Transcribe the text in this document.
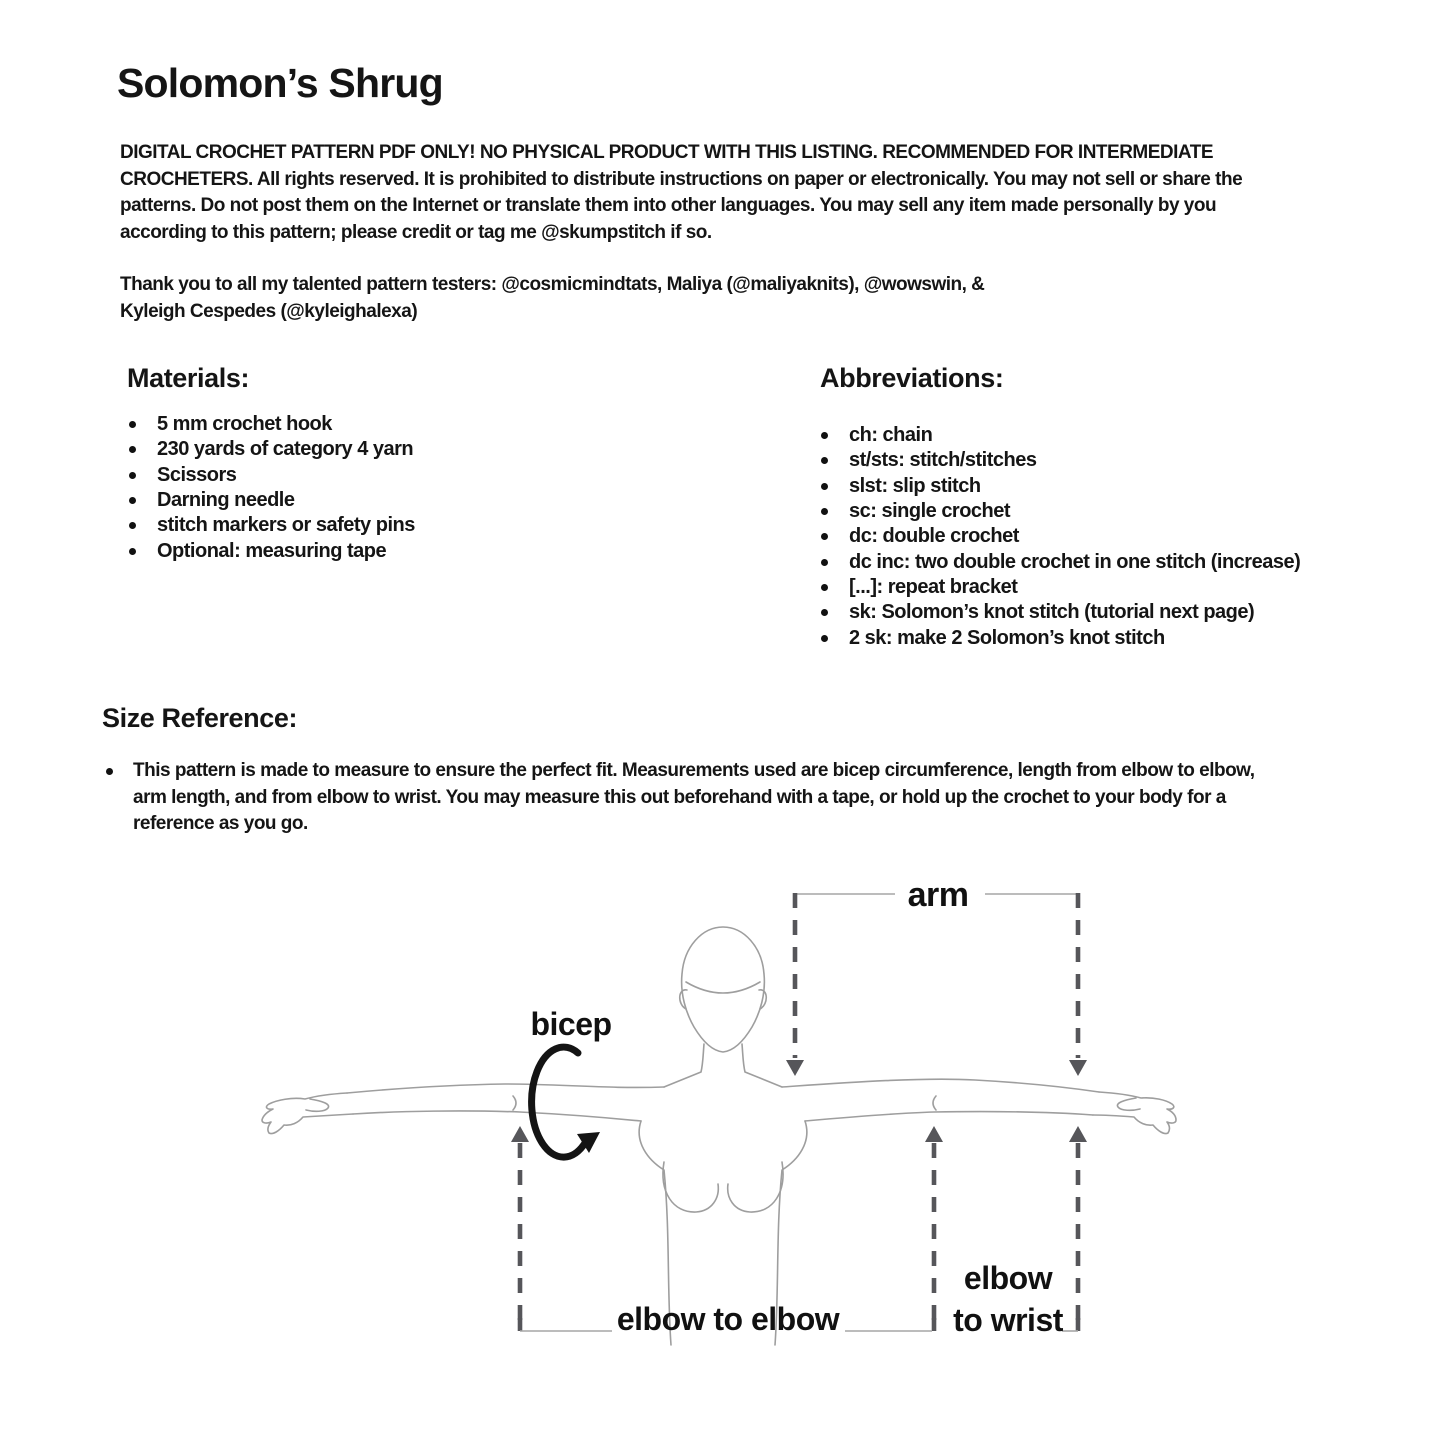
Solomon’s Shrug
DIGITAL CROCHET PATTERN PDF ONLY! NO PHYSICAL PRODUCT WITH THIS LISTING. RECOMMENDED FOR INTERMEDIATE
CROCHETERS. All rights reserved. It is prohibited to distribute instructions on paper or electronically. You may not sell or share the
patterns. Do not post them on the Internet or translate them into other languages. You may sell any item made personally by you
according to this pattern; please credit or tag me @skumpstitch if so.
Thank you to all my talented pattern testers: @cosmicmindtats, Maliya (@maliyaknits), @wowswin, &
Kyleigh Cespedes (@kyleighalexa)
Materials:
5 mm crochet hook
230 yards of category 4 yarn
Scissors
Darning needle
stitch markers or safety pins
Optional: measuring tape
Abbreviations:
ch: chain
st/sts: stitch/stitches
slst: slip stitch
sc: single crochet
dc: double crochet
dc inc: two double crochet in one stitch (increase)
[...]: repeat bracket
sk: Solomon’s knot stitch (tutorial next page)
2 sk: make 2 Solomon’s knot stitch
Size Reference:
This pattern is made to measure to ensure the perfect fit. Measurements used are bicep circumference, length from elbow to elbow,
arm length, and from elbow to wrist. You may measure this out beforehand with a tape, or hold up the crochet to your body for a
reference as you go.
arm
bicep
elbow to elbow
elbow
to wrist
